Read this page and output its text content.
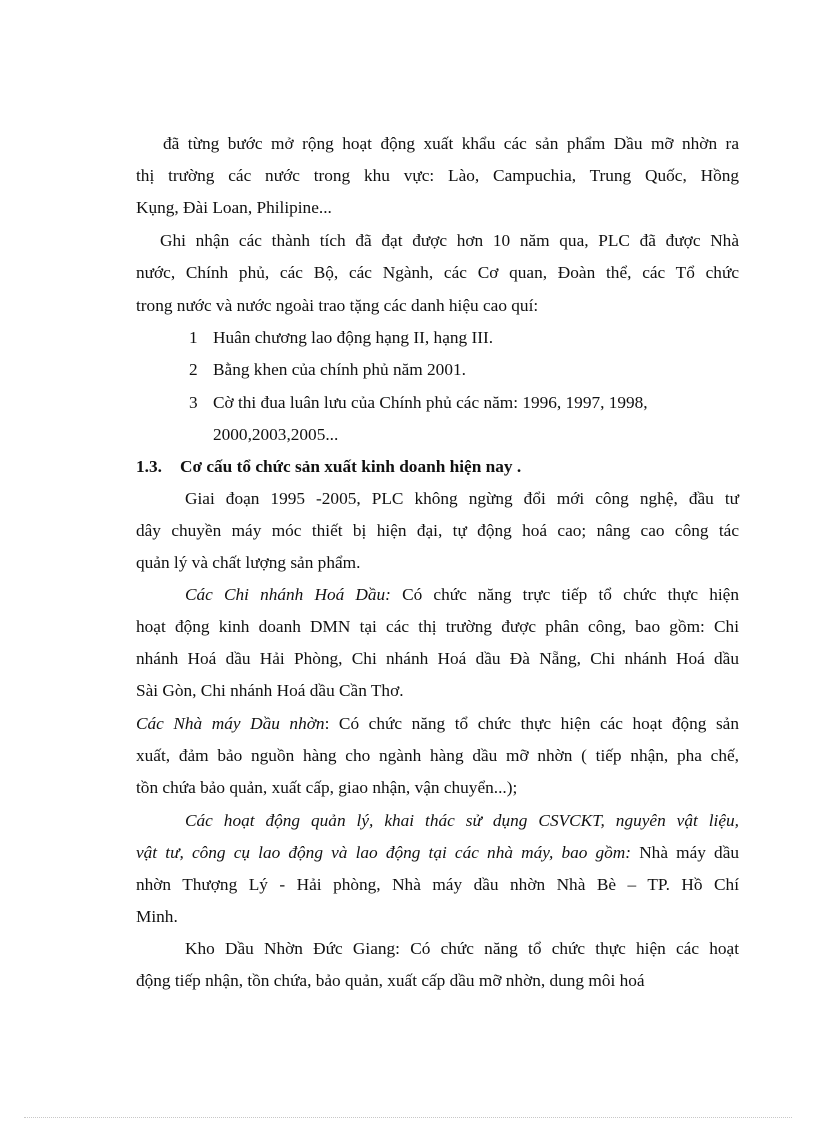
đã từng bước mở rộng hoạt động xuất khẩu các sản phẩm Dầu mỡ nhờn ra
thị trường các nước trong khu vực: Lào, Campuchia, Trung Quốc, Hồng
Kụng, Đài Loan, Philipine...
Ghi nhận các thành tích đã đạt được hơn 10 năm qua, PLC đã được Nhà
nước, Chính phủ, các Bộ, các Ngành, các Cơ quan, Đoàn thể, các Tổ chức
trong nước và nước ngoài trao tặng các danh hiệu cao quí:
1 Huân chương lao động hạng II, hạng III.
2 Bằng khen của chính phủ năm 2001.
3 Cờ thi đua luân lưu của Chính phủ các năm: 1996, 1997, 1998,
2000,2003,2005...
1.3. Cơ cấu tổ chức sản xuất kinh doanh hiện nay .
Giai đoạn 1995 -2005, PLC không ngừng đổi mới công nghệ, đầu tư
dây chuyền máy móc thiết bị hiện đại, tự động hoá cao; nâng cao công tác
quản lý và chất lượng sản phẩm.
Các Chi nhánh Hoá Dầu: Có chức năng trực tiếp tổ chức thực hiện
hoạt động kinh doanh DMN tại các thị trường được phân công, bao gồm: Chi
nhánh Hoá dầu Hải Phòng, Chi nhánh Hoá dầu Đà Nẵng, Chi nhánh Hoá dầu
Sài Gòn, Chi nhánh Hoá dầu Cần Thơ.
Các Nhà máy Dầu nhờn: Có chức năng tổ chức thực hiện các hoạt động sản
xuất, đảm bảo nguồn hàng cho ngành hàng dầu mỡ nhờn ( tiếp nhận, pha chế,
tồn chứa bảo quản, xuất cấp, giao nhận, vận chuyển...);
Các hoạt động quản lý, khai thác sử dụng CSVCKT, nguyên vật liệu,
vật tư, công cụ lao động và lao động tại các nhà máy, bao gồm: Nhà máy dầu
nhờn Thượng Lý - Hải phòng, Nhà máy dầu nhờn Nhà Bè – TP. Hồ Chí
Minh.
Kho Dầu Nhờn Đức Giang: Có chức năng tổ chức thực hiện các hoạt
động tiếp nhận, tồn chứa, bảo quản, xuất cấp dầu mỡ nhờn, dung môi hoá
